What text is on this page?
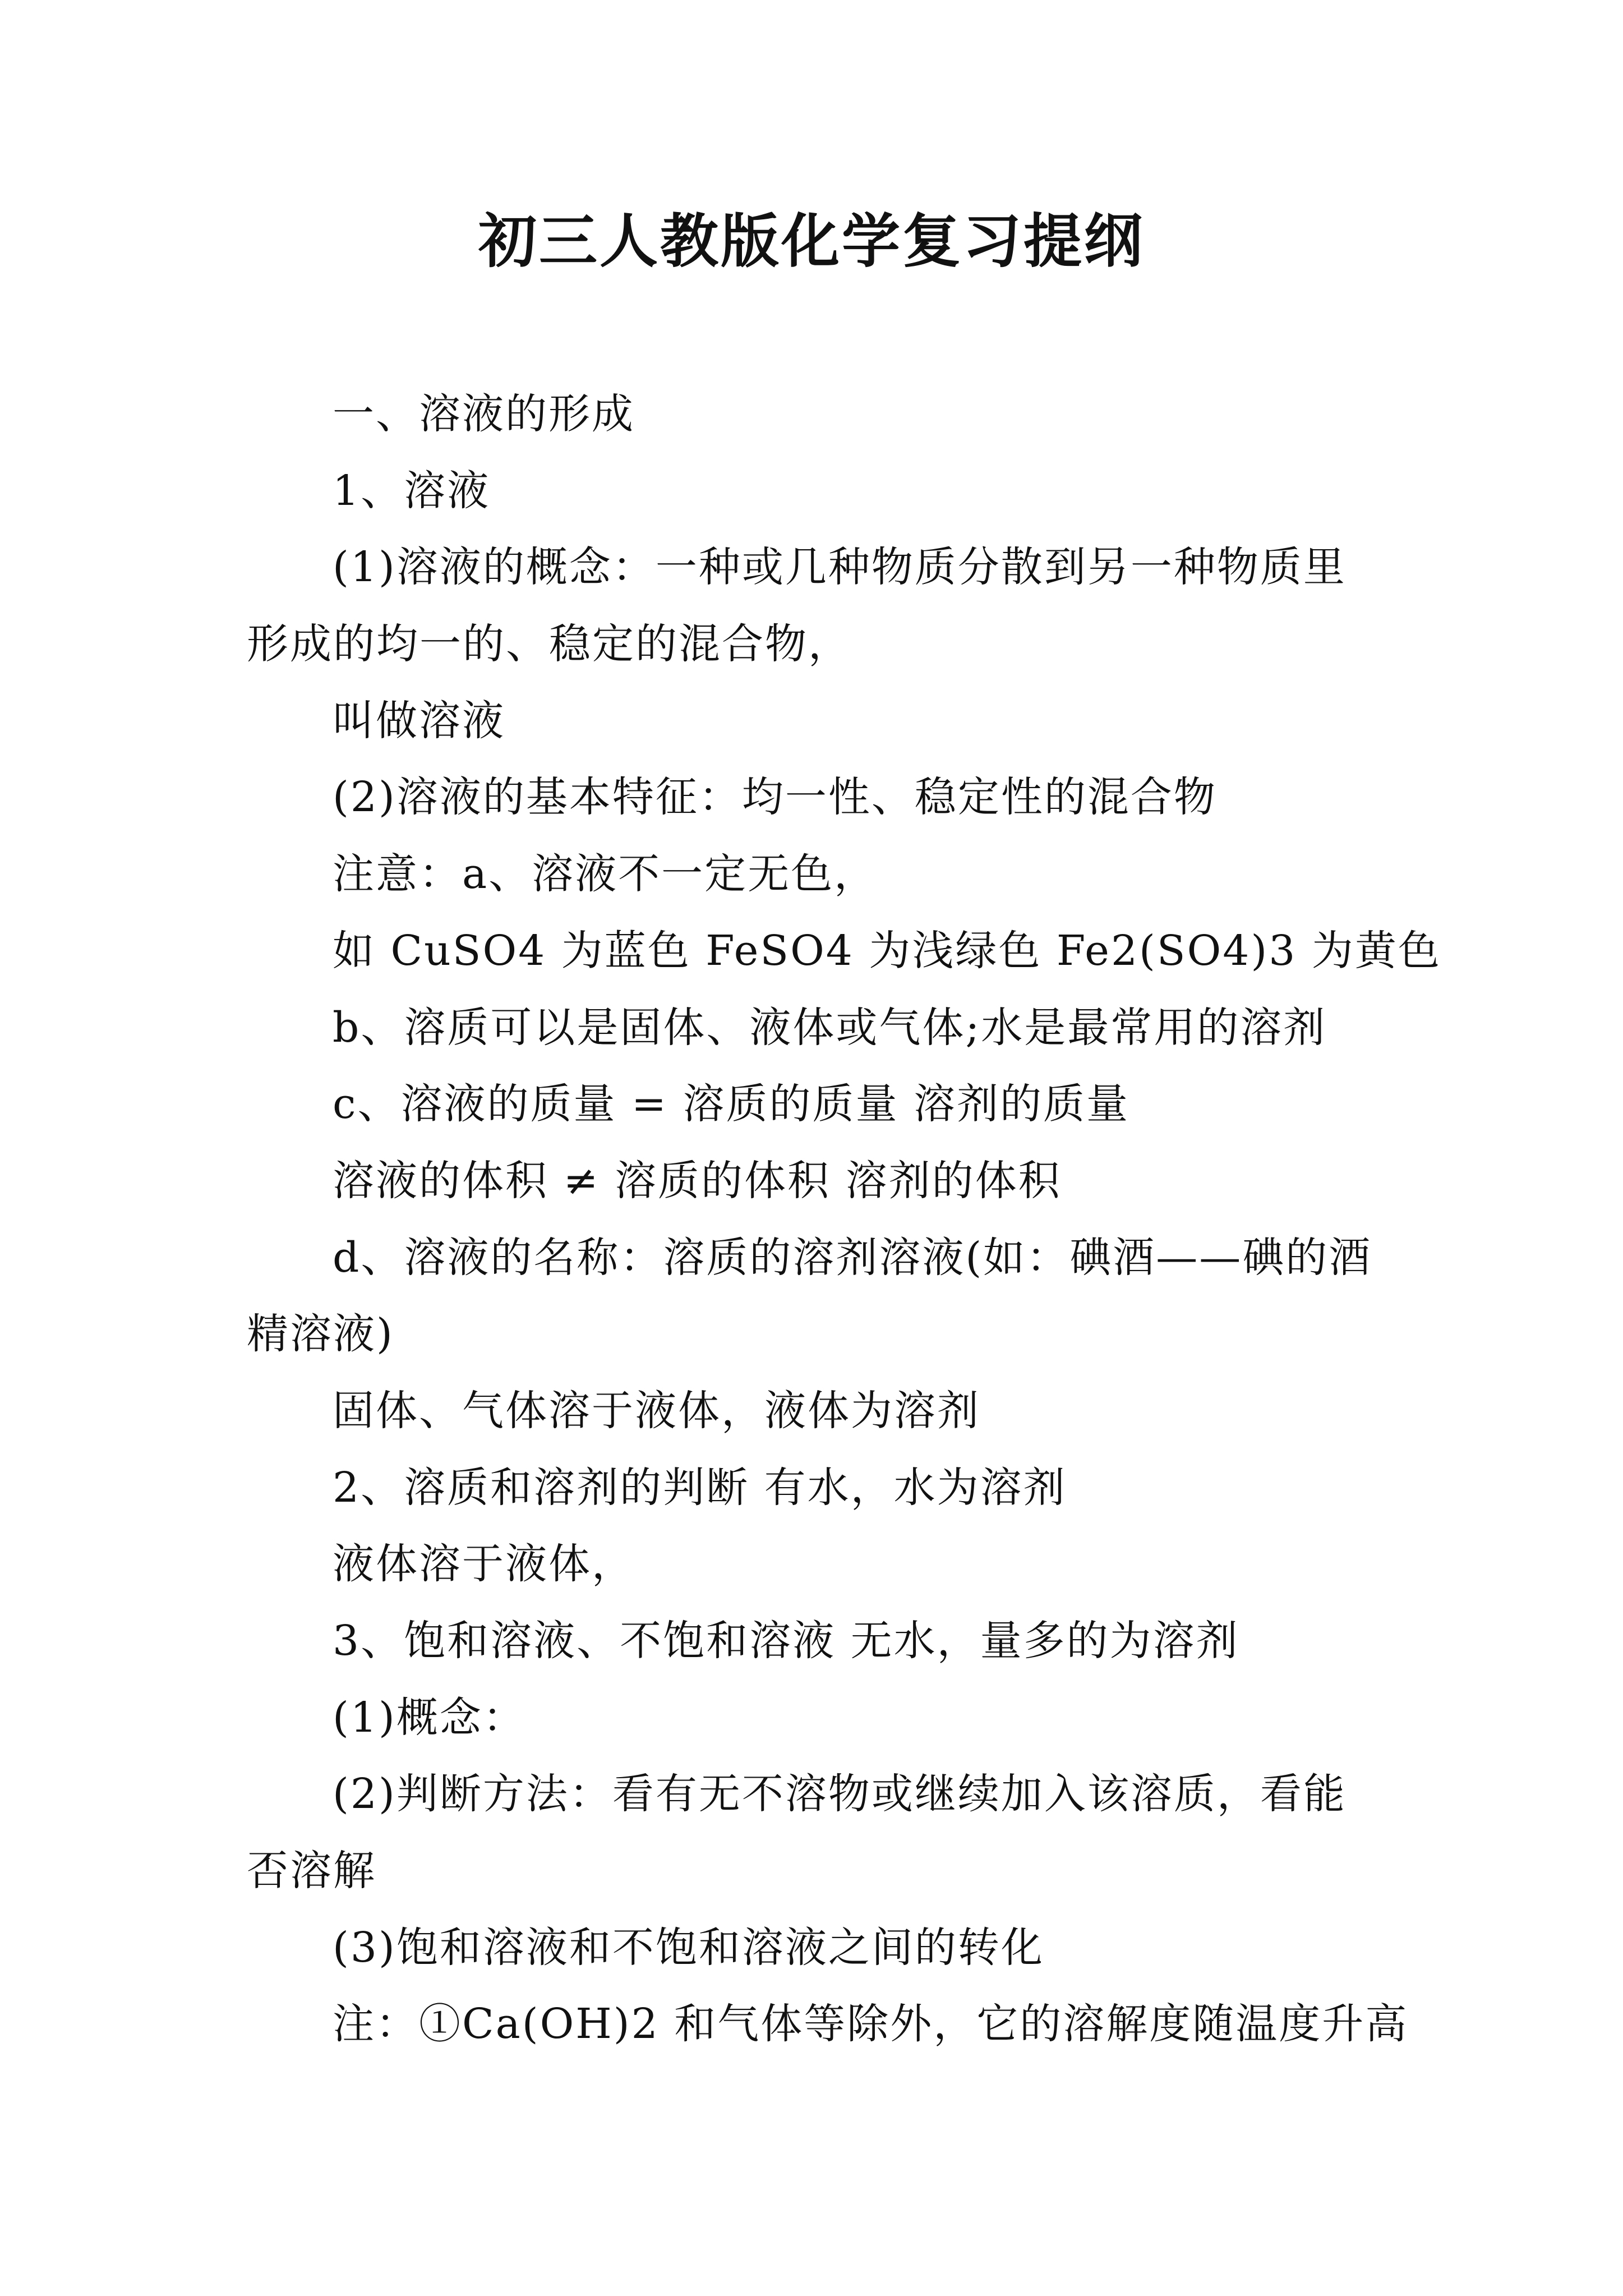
初三人教版化学复习提纲
一、溶液的形成
1、溶液
(1)溶液的概念：一种或几种物质分散到另一种物质里
形成的均一的、稳定的混合物，
叫做溶液
(2)溶液的基本特征：均一性、稳定性的混合物
注意：a、溶液不一定无色，
如 CuSO4 为蓝色 FeSO4 为浅绿色 Fe2(SO4)3 为黄色
b、溶质可以是固体、液体或气体;水是最常用的溶剂
c、溶液的质量 = 溶质的质量 溶剂的质量
溶液的体积 ≠ 溶质的体积 溶剂的体积
d、溶液的名称：溶质的溶剂溶液(如：碘酒——碘的酒
精溶液)
固体、气体溶于液体，液体为溶剂
2、溶质和溶剂的判断 有水，水为溶剂
液体溶于液体，
3、饱和溶液、不饱和溶液 无水，量多的为溶剂
(1)概念：
(2)判断方法：看有无不溶物或继续加入该溶质，看能
否溶解
(3)饱和溶液和不饱和溶液之间的转化
注：①Ca(OH)2 和气体等除外，它的溶解度随温度升高
